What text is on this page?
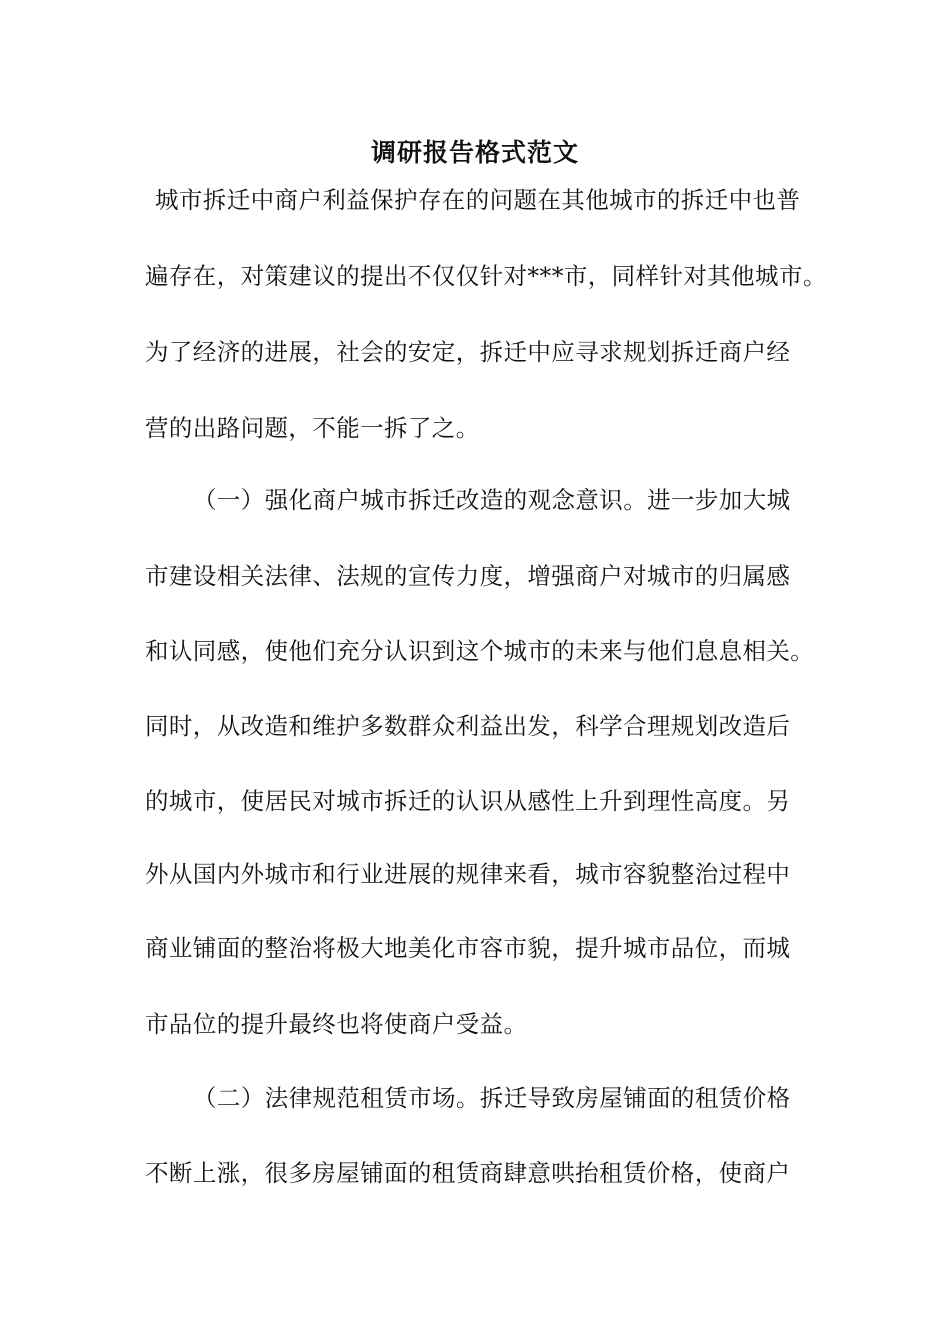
调研报告格式范文
城市拆迁中商户利益保护存在的问题在其他城市的拆迁中也普
遍存在，对策建议的提出不仅仅针对***市，同样针对其他城市。
为了经济的进展，社会的安定，拆迁中应寻求规划拆迁商户经
营的出路问题，不能一拆了之。
（一）强化商户城市拆迁改造的观念意识。进一步加大城
市建设相关法律、法规的宣传力度，增强商户对城市的归属感
和认同感，使他们充分认识到这个城市的未来与他们息息相关。
同时，从改造和维护多数群众利益出发，科学合理规划改造后
的城市，使居民对城市拆迁的认识从感性上升到理性高度。另
外从国内外城市和行业进展的规律来看，城市容貌整治过程中
商业铺面的整治将极大地美化市容市貌，提升城市品位，而城
市品位的提升最终也将使商户受益。
（二）法律规范租赁市场。拆迁导致房屋铺面的租赁价格
不断上涨，很多房屋铺面的租赁商肆意哄抬租赁价格，使商户
